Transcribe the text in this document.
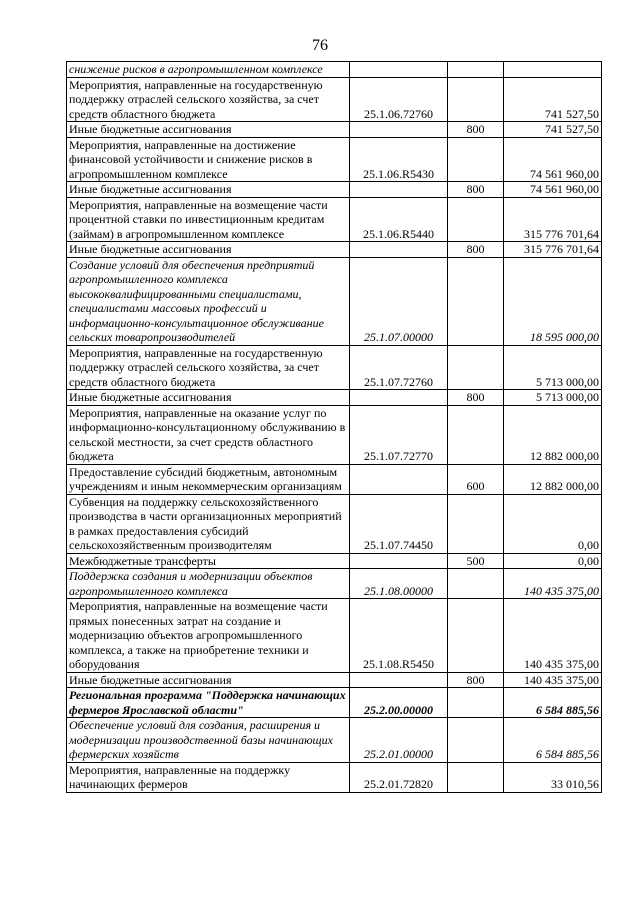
76
снижение рисков в агропромышленном комплексе			
Мероприятия, направленные на государственную поддержку отраслей сельского хозяйства, за счет средств областного бюджета	25.1.06.72760		741 527,50
Иные бюджетные ассигнования		800	741 527,50
Мероприятия, направленные на достижение финансовой устойчивости и снижение рисков в агропромышленном комплексе	25.1.06.R5430		74 561 960,00
Иные бюджетные ассигнования		800	74 561 960,00
Мероприятия, направленные на возмещение части процентной ставки по инвестиционным кредитам (займам) в агропромышленном комплексе	25.1.06.R5440		315 776 701,64
Иные бюджетные ассигнования		800	315 776 701,64
Создание условий для обеспечения предприятий агропромышленного комплекса высококвалифицированными специалистами, специалистами массовых профессий и информационно-консультационное обслуживание сельских товаропроизводителей	25.1.07.00000		18 595 000,00
Мероприятия, направленные на государственную поддержку отраслей сельского хозяйства, за счет средств областного бюджета	25.1.07.72760		5 713 000,00
Иные бюджетные ассигнования		800	5 713 000,00
Мероприятия, направленные на оказание услуг по информационно-консультационному обслуживанию в сельской местности, за счет средств областного бюджета	25.1.07.72770		12 882 000,00
Предоставление субсидий бюджетным, автономным учреждениям и иным некоммерческим организациям		600	12 882 000,00
Субвенция на поддержку сельскохозяйственного производства в части организационных мероприятий в рамках предоставления субсидий сельскохозяйственным производителям	25.1.07.74450		0,00
Межбюджетные трансферты		500	0,00
Поддержка создания и модернизации объектов агропромышленного комплекса	25.1.08.00000		140 435 375,00
Мероприятия, направленные на возмещение части прямых понесенных затрат на создание и модернизацию объектов агропромышленного комплекса, а также на приобретение техники и оборудования	25.1.08.R5450		140 435 375,00
Иные бюджетные ассигнования		800	140 435 375,00
Региональная программа "Поддержка начинающих фермеров Ярославской области"	25.2.00.00000		6 584 885,56
Обеспечение условий для создания, расширения и модернизации производственной базы начинающих фермерских хозяйств	25.2.01.00000		6 584 885,56
Мероприятия, направленные на поддержку начинающих фермеров	25.2.01.72820		33 010,56
